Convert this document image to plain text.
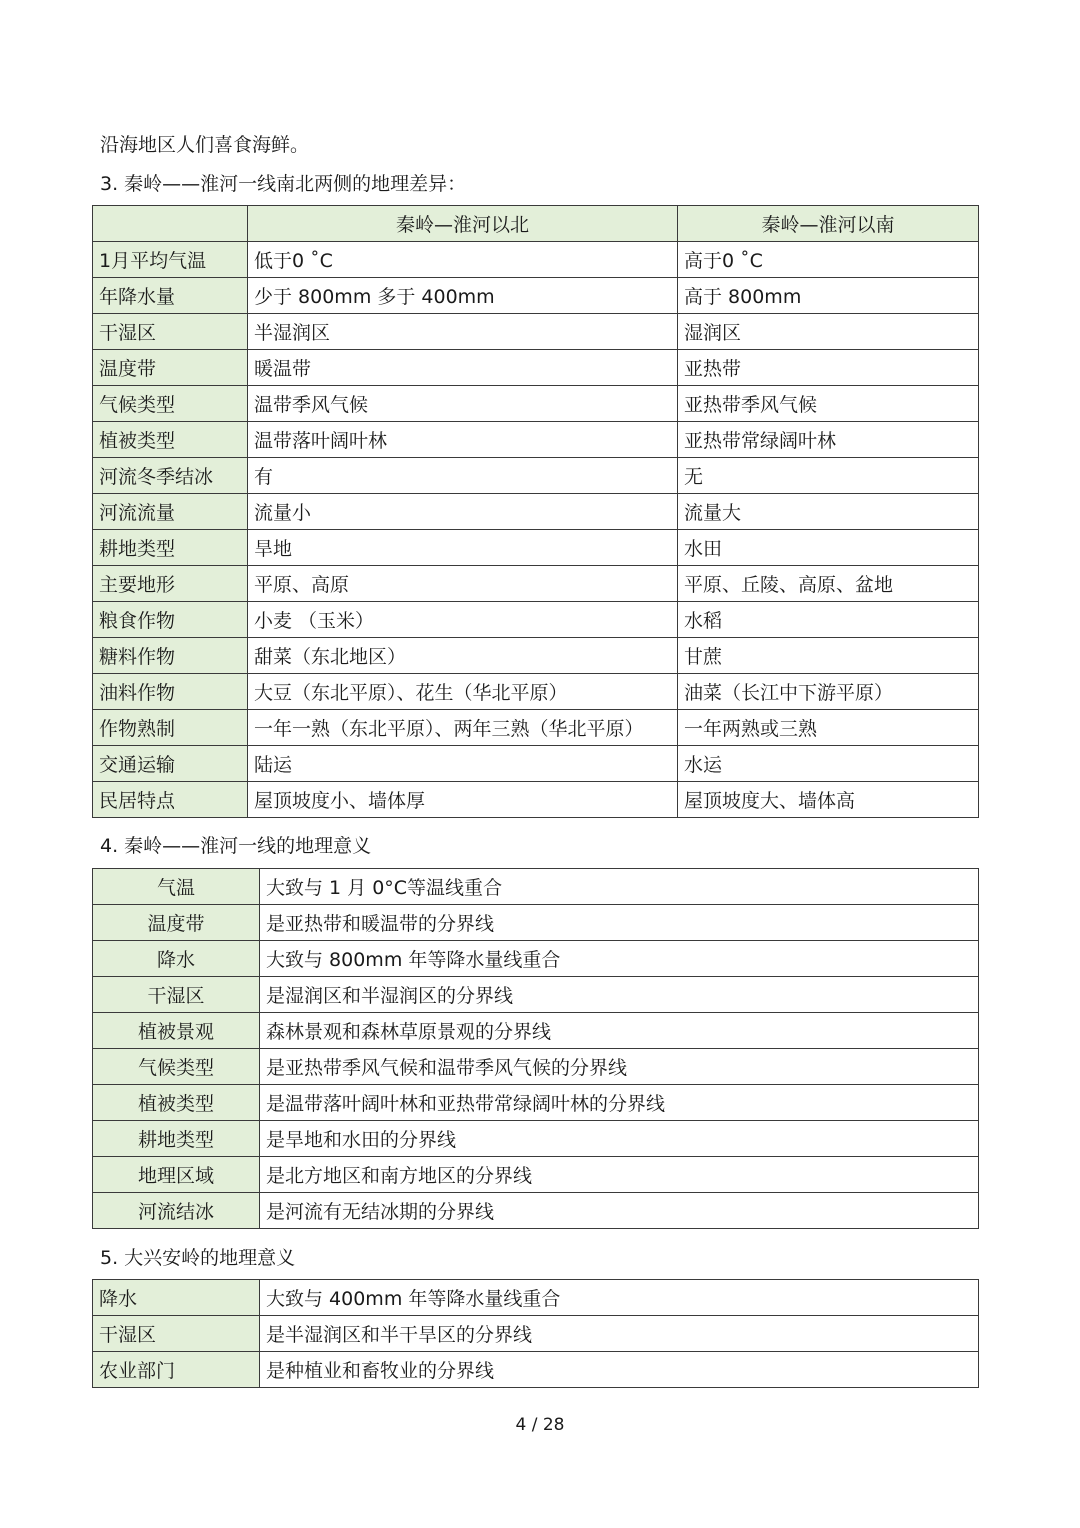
沿海地区人们喜食海鲜。
3. 秦岭——淮河一线南北两侧的地理差异：
	秦岭—淮河以北	秦岭—淮河以南
1月平均气温	低于0 ˚C	高于0 ˚C
年降水量	少于 800mm 多于 400mm	高于 800mm
干湿区	半湿润区	湿润区
温度带	暖温带	亚热带
气候类型	温带季风气候	亚热带季风气候
植被类型	温带落叶阔叶林	亚热带常绿阔叶林
河流冬季结冰	有	无
河流流量	流量小	流量大
耕地类型	旱地	水田
主要地形	平原、高原	平原、丘陵、高原、盆地
粮食作物	小麦 （玉米）	水稻
糖料作物	甜菜（东北地区）	甘蔗
油料作物	大豆（东北平原）、花生（华北平原）	油菜（长江中下游平原）
作物熟制	一年一熟（东北平原）、两年三熟（华北平原）	一年两熟或三熟
交通运输	陆运	水运
民居特点	屋顶坡度小、墙体厚	屋顶坡度大、墙体高
4. 秦岭——淮河一线的地理意义
气温	大致与 1 月 0°C等温线重合
温度带	是亚热带和暖温带的分界线
降水	大致与 800mm 年等降水量线重合
干湿区	是湿润区和半湿润区的分界线
植被景观	森林景观和森林草原景观的分界线
气候类型	是亚热带季风气候和温带季风气候的分界线
植被类型	是温带落叶阔叶林和亚热带常绿阔叶林的分界线
耕地类型	是旱地和水田的分界线
地理区域	是北方地区和南方地区的分界线
河流结冰	是河流有无结冰期的分界线
5. 大兴安岭的地理意义
降水	大致与 400mm 年等降水量线重合
干湿区	是半湿润区和半干旱区的分界线
农业部门	是种植业和畜牧业的分界线
4 / 28
